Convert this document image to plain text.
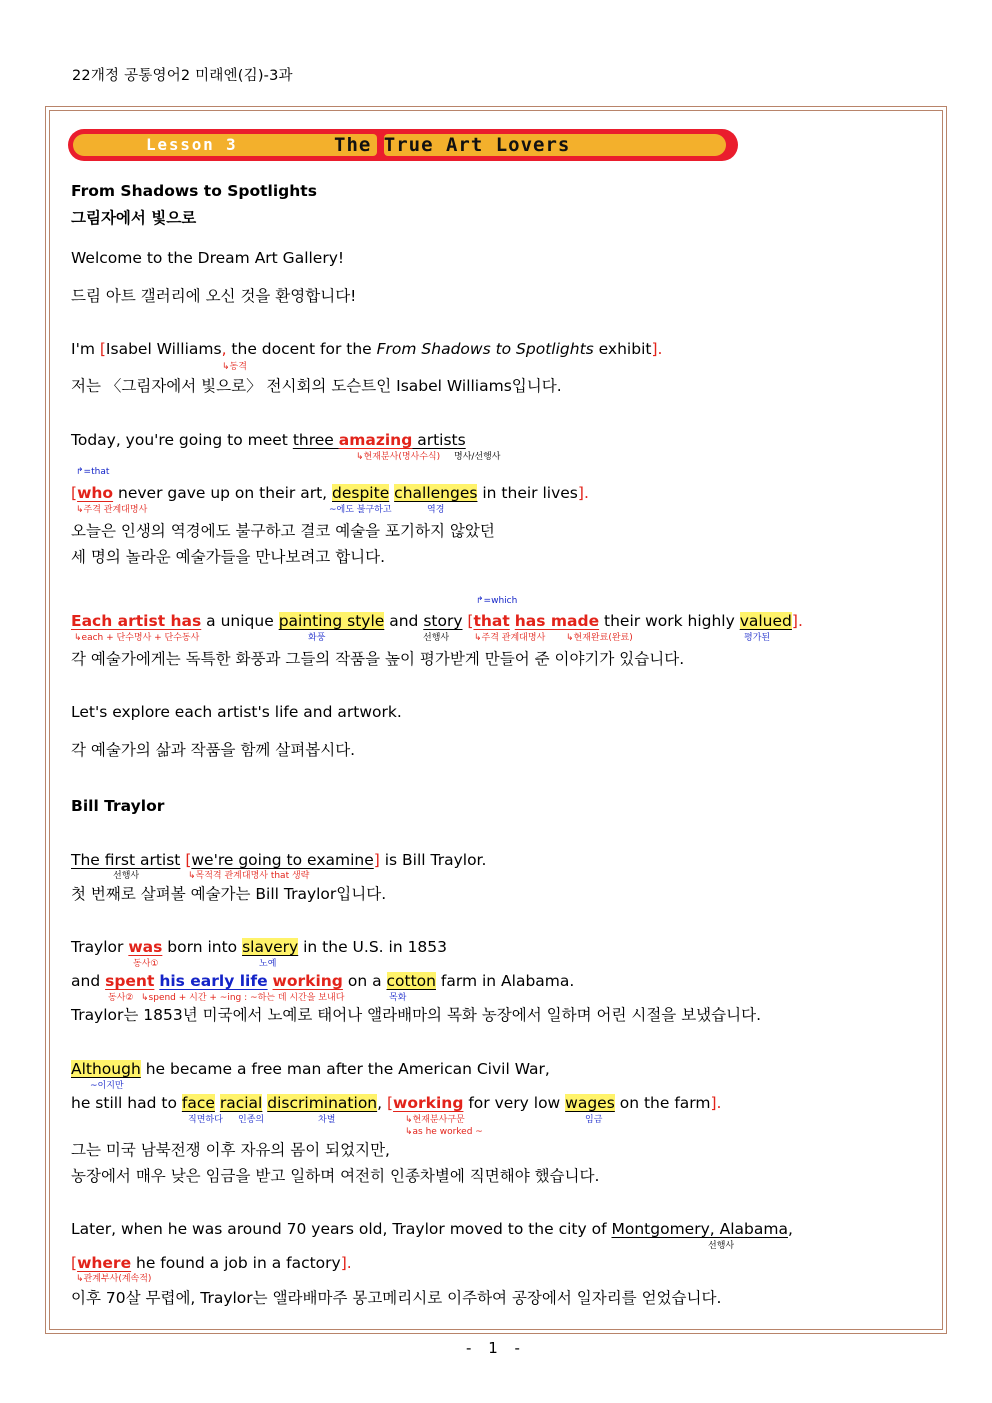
22개정 공통영어2 미래엔(김)-3과
Lesson 3	The True Art Lovers
From Shadows to Spotlights
그림자에서 빛으로
Welcome to the Dream Art Gallery!
드림 아트 갤러리에 오신 것을 환영합니다!
I'm [Isabel Williams, the docent for the From Shadows to Spotlights exhibit].
↳동격
저는 〈그림자에서 빛으로〉 전시회의 도슨트인 Isabel Williams입니다.
Today, you're going to meet three amazing artists
↳현재분사(명사수식) 명사/선행사
↱=that
[who never gave up on their art, despite challenges in their lives].
↳주격 관계대명사	~에도 불구하고	역경
오늘은 인생의 역경에도 불구하고 결코 예술을 포기하지 않았던
세 명의 놀라운 예술가들을 만나보려고 합니다.
↱=which
Each artist has a unique painting style and story [that has made their work highly valued].
↳each + 단수명사 + 단수동사	화풍	선행사	↳주격 관계대명사 ↳현재완료(완료)	평가된
각 예술가에게는 독특한 화풍과 그들의 작품을 높이 평가받게 만들어 준 이야기가 있습니다.
Let's explore each artist's life and artwork.
각 예술가의 삶과 작품을 함께 살펴봅시다.
Bill Traylor
The first artist [we're going to examine] is Bill Traylor.
선행사	↳목적격 관계대명사 that 생략
첫 번째로 살펴볼 예술가는 Bill Traylor입니다.
Traylor was born into slavery in the U.S. in 1853
동사①	노예
and spent his early life working on a cotton farm in Alabama.
동사② ↳spend + 시간 + ~ing : ~하는 데 시간을 보내다	목화
Traylor는 1853년 미국에서 노예로 태어나 앨라배마의 목화 농장에서 일하며 어린 시절을 보냈습니다.
Although he became a free man after the American Civil War,
~이지만
he still had to face racial discrimination, [working for very low wages on the farm].
직면하다 인종의	차별	↳현재분사구문
↳as he worked ~
임금
그는 미국 남북전쟁 이후 자유의 몸이 되었지만,
농장에서 매우 낮은 임금을 받고 일하며 여전히 인종차별에 직면해야 했습니다.
Later, when he was around 70 years old, Traylor moved to the city of Montgomery, Alabama,
선행사
[where he found a job in a factory].
↳관계부사(계속적)
이후 70살 무렵에, Traylor는 앨라배마주 몽고메리시로 이주하여 공장에서 일자리를 얻었습니다.
- 1 -
